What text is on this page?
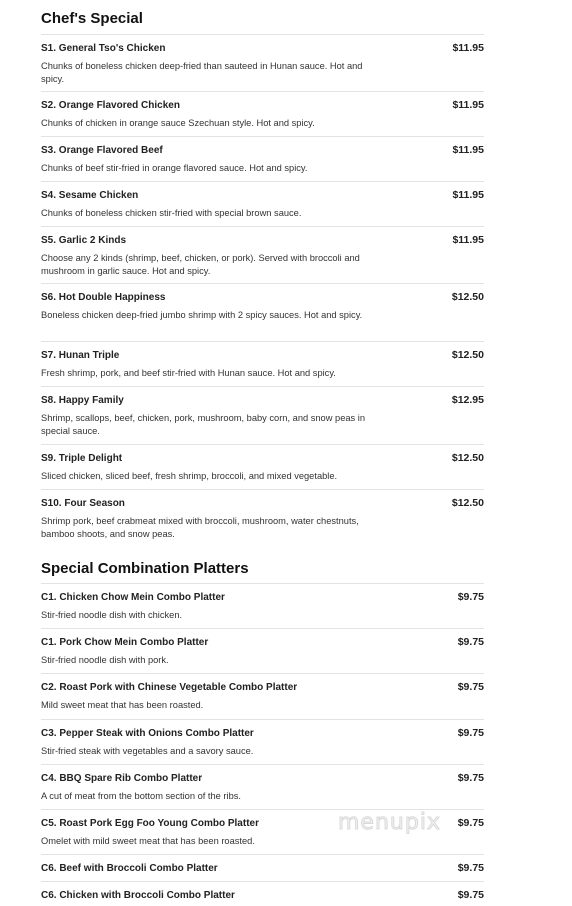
Chef's Special
S1. General Tso's Chicken	$11.95
Chunks of boneless chicken deep-fried than sauteed in Hunan sauce. Hot and spicy.
S2. Orange Flavored Chicken	$11.95
Chunks of chicken in orange sauce Szechuan style. Hot and spicy.
S3. Orange Flavored Beef	$11.95
Chunks of beef stir-fried in orange flavored sauce. Hot and spicy.
S4. Sesame Chicken	$11.95
Chunks of boneless chicken stir-fried with special brown sauce.
S5. Garlic 2 Kinds	$11.95
Choose any 2 kinds (shrimp, beef, chicken, or pork). Served with broccoli and mushroom in garlic sauce. Hot and spicy.
S6. Hot Double Happiness	$12.50
Boneless chicken deep-fried jumbo shrimp with 2 spicy sauces. Hot and spicy.
S7. Hunan Triple	$12.50
Fresh shrimp, pork, and beef stir-fried with Hunan sauce. Hot and spicy.
S8. Happy Family	$12.95
Shrimp, scallops, beef, chicken, pork, mushroom, baby corn, and snow peas in special sauce.
S9. Triple Delight	$12.50
Sliced chicken, sliced beef, fresh shrimp, broccoli, and mixed vegetable.
S10. Four Season	$12.50
Shrimp pork, beef crabmeat mixed with broccoli, mushroom, water chestnuts, bamboo shoots, and snow peas.
Special Combination Platters
C1. Chicken Chow Mein Combo Platter	$9.75
Stir-fried noodle dish with chicken.
C1. Pork Chow Mein Combo Platter	$9.75
Stir-fried noodle dish with pork.
C2. Roast Pork with Chinese Vegetable Combo Platter	$9.75
Mild sweet meat that has been roasted.
C3. Pepper Steak with Onions Combo Platter	$9.75
Stir-fried steak with vegetables and a savory sauce.
C4. BBQ Spare Rib Combo Platter	$9.75
A cut of meat from the bottom section of the ribs.
C5. Roast Pork Egg Foo Young Combo Platter	$9.75
Omelet with mild sweet meat that has been roasted.
C6. Beef with Broccoli Combo Platter	$9.75
C6. Chicken with Broccoli Combo Platter	$9.75
menupix
